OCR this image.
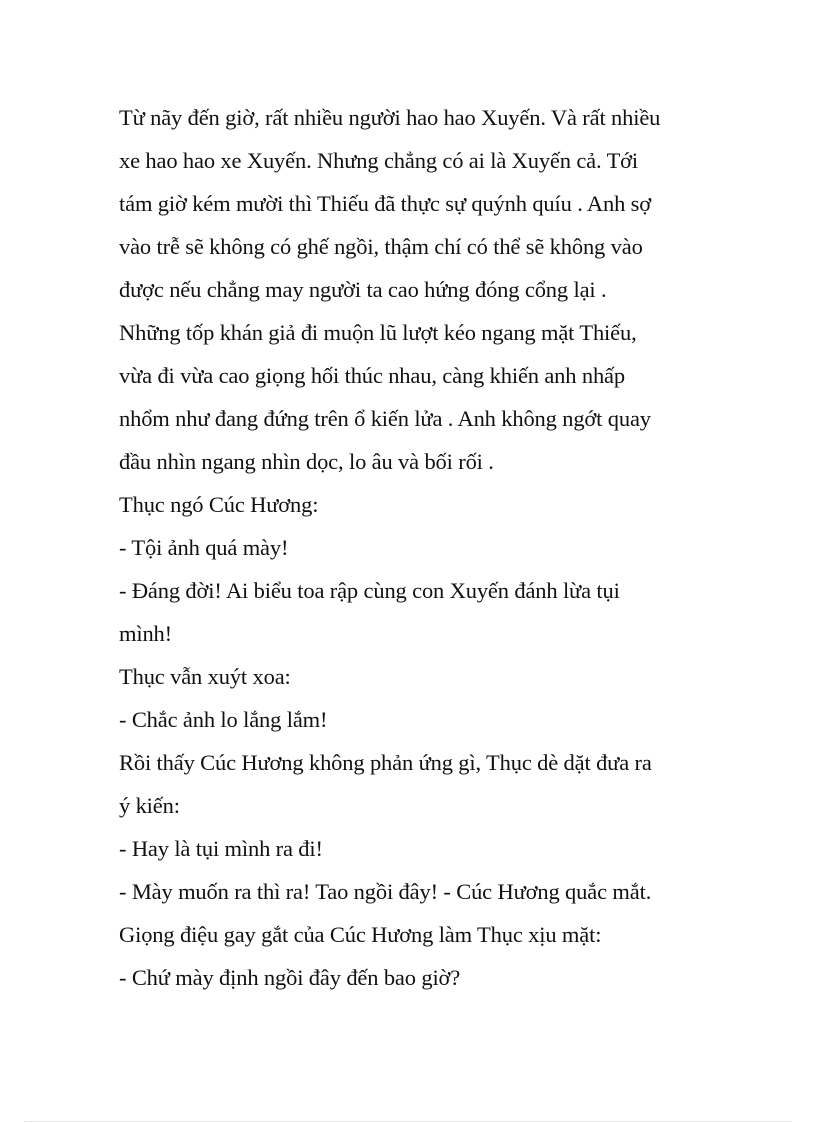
Từ nãy đến giờ, rất nhiều người hao hao Xuyến. Và rất nhiều
xe hao hao xe Xuyến. Nhưng chẳng có ai là Xuyến cả. Tới
tám giờ kém mười thì Thiếu đã thực sự quýnh quíu . Anh sợ
vào trễ sẽ không có ghế ngồi, thậm chí có thể sẽ không vào
được nếu chẳng may người ta cao hứng đóng cổng lại .
Những tốp khán giả đi muộn lũ lượt kéo ngang mặt Thiếu,
vừa đi vừa cao giọng hối thúc nhau, càng khiến anh nhấp
nhổm như đang đứng trên ổ kiến lửa . Anh không ngớt quay
đầu nhìn ngang nhìn dọc, lo âu và bối rối .
Thục ngó Cúc Hương:
- Tội ảnh quá mày!
- Đáng đời! Ai biểu toa rập cùng con Xuyến đánh lừa tụi
mình!
Thục vẫn xuýt xoa:
- Chắc ảnh lo lắng lắm!
Rồi thấy Cúc Hương không phản ứng gì, Thục dè dặt đưa ra
ý kiến:
- Hay là tụi mình ra đi!
- Mày muốn ra thì ra! Tao ngồi đây! - Cúc Hương quắc mắt.
Giọng điệu gay gắt của Cúc Hương làm Thục xịu mặt:
- Chứ mày định ngồi đây đến bao giờ?
